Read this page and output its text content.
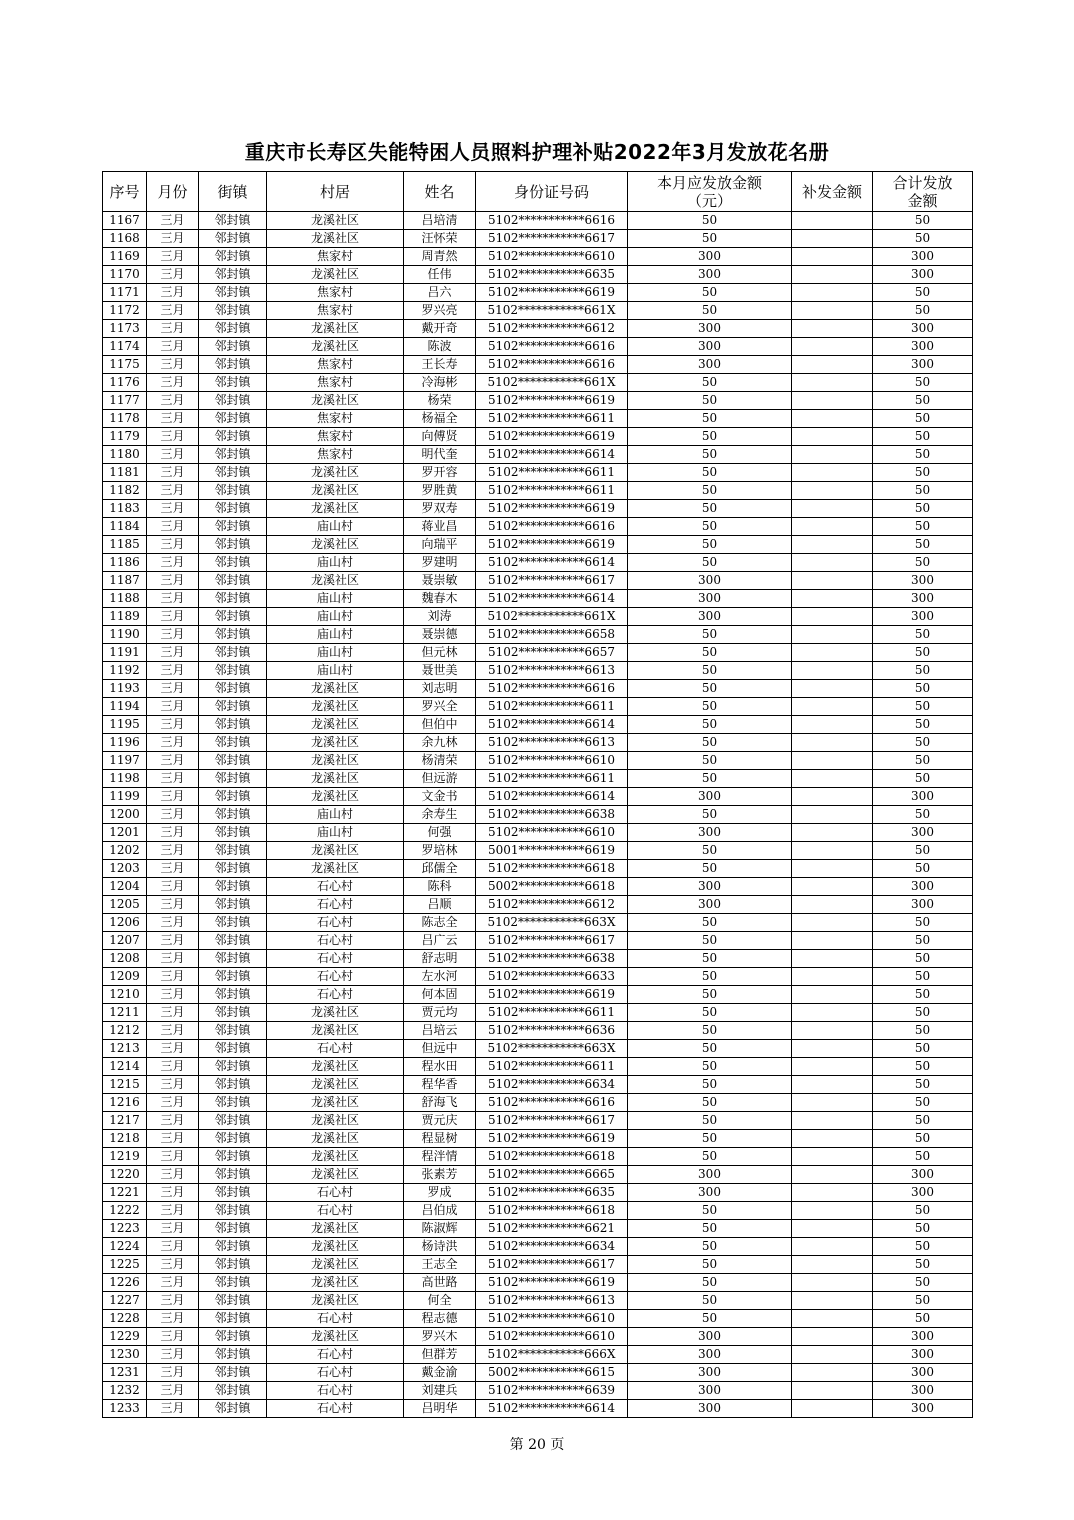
重庆市长寿区失能特困人员照料护理补贴2022年3月发放花名册
序号	月份	街镇	村居	姓名	身份证号码	本月应发放金额
（元）	补发金额	合计发放
金额
1167	三月	邻封镇	龙溪社区	吕培清	5102***********6616	50		50
1168	三月	邻封镇	龙溪社区	汪怀荣	5102***********6617	50		50
1169	三月	邻封镇	焦家村	周青然	5102***********6610	300		300
1170	三月	邻封镇	龙溪社区	任伟	5102***********6635	300		300
1171	三月	邻封镇	焦家村	吕六	5102***********6619	50		50
1172	三月	邻封镇	焦家村	罗兴亮	5102***********661X	50		50
1173	三月	邻封镇	龙溪社区	戴开奇	5102***********6612	300		300
1174	三月	邻封镇	龙溪社区	陈波	5102***********6616	300		300
1175	三月	邻封镇	焦家村	王长寿	5102***********6616	300		300
1176	三月	邻封镇	焦家村	冷海彬	5102***********661X	50		50
1177	三月	邻封镇	龙溪社区	杨荣	5102***********6619	50		50
1178	三月	邻封镇	焦家村	杨福全	5102***********6611	50		50
1179	三月	邻封镇	焦家村	向傅贤	5102***********6619	50		50
1180	三月	邻封镇	焦家村	明代奎	5102***********6614	50		50
1181	三月	邻封镇	龙溪社区	罗开容	5102***********6611	50		50
1182	三月	邻封镇	龙溪社区	罗胜黄	5102***********6611	50		50
1183	三月	邻封镇	龙溪社区	罗双寿	5102***********6619	50		50
1184	三月	邻封镇	庙山村	蒋业昌	5102***********6616	50		50
1185	三月	邻封镇	龙溪社区	向瑞平	5102***********6619	50		50
1186	三月	邻封镇	庙山村	罗建明	5102***********6614	50		50
1187	三月	邻封镇	龙溪社区	聂崇敏	5102***********6617	300		300
1188	三月	邻封镇	庙山村	魏春木	5102***********6614	300		300
1189	三月	邻封镇	庙山村	刘涛	5102***********661X	300		300
1190	三月	邻封镇	庙山村	聂崇德	5102***********6658	50		50
1191	三月	邻封镇	庙山村	但元林	5102***********6657	50		50
1192	三月	邻封镇	庙山村	聂世美	5102***********6613	50		50
1193	三月	邻封镇	龙溪社区	刘志明	5102***********6616	50		50
1194	三月	邻封镇	龙溪社区	罗兴全	5102***********6611	50		50
1195	三月	邻封镇	龙溪社区	但伯中	5102***********6614	50		50
1196	三月	邻封镇	龙溪社区	余九林	5102***********6613	50		50
1197	三月	邻封镇	龙溪社区	杨清荣	5102***********6610	50		50
1198	三月	邻封镇	龙溪社区	但远游	5102***********6611	50		50
1199	三月	邻封镇	龙溪社区	文金书	5102***********6614	300		300
1200	三月	邻封镇	庙山村	余寿生	5102***********6638	50		50
1201	三月	邻封镇	庙山村	何强	5102***********6610	300		300
1202	三月	邻封镇	龙溪社区	罗培林	5001***********6619	50		50
1203	三月	邻封镇	龙溪社区	邱儒全	5102***********6618	50		50
1204	三月	邻封镇	石心村	陈科	5002***********6618	300		300
1205	三月	邻封镇	石心村	吕顺	5102***********6612	300		300
1206	三月	邻封镇	石心村	陈志全	5102***********663X	50		50
1207	三月	邻封镇	石心村	吕广云	5102***********6617	50		50
1208	三月	邻封镇	石心村	舒志明	5102***********6638	50		50
1209	三月	邻封镇	石心村	左水河	5102***********6633	50		50
1210	三月	邻封镇	石心村	何本固	5102***********6619	50		50
1211	三月	邻封镇	龙溪社区	贾元均	5102***********6611	50		50
1212	三月	邻封镇	龙溪社区	吕培云	5102***********6636	50		50
1213	三月	邻封镇	石心村	但远中	5102***********663X	50		50
1214	三月	邻封镇	龙溪社区	程水田	5102***********6611	50		50
1215	三月	邻封镇	龙溪社区	程华香	5102***********6634	50		50
1216	三月	邻封镇	龙溪社区	舒海飞	5102***********6616	50		50
1217	三月	邻封镇	龙溪社区	贾元庆	5102***********6617	50		50
1218	三月	邻封镇	龙溪社区	程显树	5102***********6619	50		50
1219	三月	邻封镇	龙溪社区	程泮情	5102***********6618	50		50
1220	三月	邻封镇	龙溪社区	张素芳	5102***********6665	300		300
1221	三月	邻封镇	石心村	罗成	5102***********6635	300		300
1222	三月	邻封镇	石心村	吕伯成	5102***********6618	50		50
1223	三月	邻封镇	龙溪社区	陈淑辉	5102***********6621	50		50
1224	三月	邻封镇	龙溪社区	杨诗洪	5102***********6634	50		50
1225	三月	邻封镇	龙溪社区	王志全	5102***********6617	50		50
1226	三月	邻封镇	龙溪社区	高世路	5102***********6619	50		50
1227	三月	邻封镇	龙溪社区	何全	5102***********6613	50		50
1228	三月	邻封镇	石心村	程志德	5102***********6610	50		50
1229	三月	邻封镇	龙溪社区	罗兴木	5102***********6610	300		300
1230	三月	邻封镇	石心村	但群芳	5102***********666X	300		300
1231	三月	邻封镇	石心村	戴金渝	5002***********6615	300		300
1232	三月	邻封镇	石心村	刘建兵	5102***********6639	300		300
1233	三月	邻封镇	石心村	吕明华	5102***********6614	300		300
第 20 页
